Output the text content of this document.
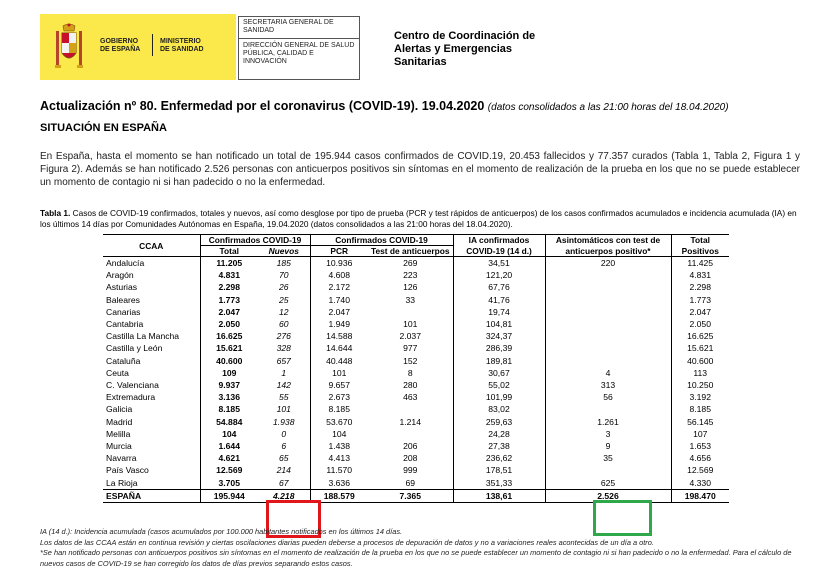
GOBIERNO
DE ESPAÑA
MINISTERIO
DE SANIDAD
SECRETARIA GENERAL DE SANIDAD
DIRECCIÓN GENERAL DE SALUD PÚBLICA, CALIDAD E INNOVACIÓN
Centro de Coordinación de
Alertas y Emergencias
Sanitarias
Actualización nº 80. Enfermedad por el coronavirus (COVID-19). 19.04.2020 (datos consolidados a las 21:00 horas del 18.04.2020)
SITUACIÓN EN ESPAÑA
En España, hasta el momento se han notificado un total de 195.944 casos confirmados de COVID.19, 20.453 fallecidos y 77.357 curados (Tabla 1, Tabla 2, Figura 1 y Figura 2). Además se han notificado 2.526 personas con anticuerpos positivos sin síntomas en el momento de realización de la prueba en los que no se puede establecer un momento de contagio ni si han padecido o no la enfermedad.
Tabla 1. Casos de COVID-19 confirmados, totales y nuevos, así como desglose por tipo de prueba (PCR y test rápidos de anticuerpos) de los casos confirmados acumulados e incidencia acumulada (IA) en los últimos 14 días por Comunidades Autónomas en España, 19.04.2020 (datos consolidados a las 21:00 horas del 18.04.2020).
CCAA	Confirmados COVID-19		Confirmados COVID-19		IA confirmados	Asintomáticos con test de	Total
	Total	Nuevos	PCR	Test de anticuerpos	COVID-19 (14 d.)	anticuerpos positivo*	Positivos
Andalucía	11.205	185	10.936	269	34,51	220	11.425
Aragón	4.831	70	4.608	223	121,20		4.831
Asturias	2.298	26	2.172	126	67,76		2.298
Baleares	1.773	25	1.740	33	41,76		1.773
Canarias	2.047	12	2.047		19,74		2.047
Cantabria	2.050	60	1.949	101	104,81		2.050
Castilla La Mancha	16.625	276	14.588	2.037	324,37		16.625
Castilla y León	15.621	328	14.644	977	286,39		15.621
Cataluña	40.600	657	40.448	152	189,81		40.600
Ceuta	109	1	101	8	30,67	4	113
C. Valenciana	9.937	142	9.657	280	55,02	313	10.250
Extremadura	3.136	55	2.673	463	101,99	56	3.192
Galicia	8.185	101	8.185		83,02		8.185
Madrid	54.884	1.938	53.670	1.214	259,63	1.261	56.145
Melilla	104	0	104		24,28	3	107
Murcia	1.644	6	1.438	206	27,38	9	1.653
Navarra	4.621	65	4.413	208	236,62	35	4.656
País Vasco	12.569	214	11.570	999	178,51		12.569
La Rioja	3.705	67	3.636	69	351,33	625	4.330
ESPAÑA	195.944	4.218	188.579	7.365	138,61	2.526	198.470
IA (14 d.): Incidencia acumulada (casos acumulados por 100.000 habitantes notificados en los últimos 14 días.
Los datos de las CCAA están en continua revisión y ciertas oscilaciones diarias pueden deberse a procesos de depuración de datos y no a variaciones reales acontecidas de un día a otro.
*Se han notificado personas con anticuerpos positivos sin síntomas en el momento de realización de la prueba en los que no se puede establecer un momento de contagio ni si han padecido o no la enfermedad. Para el cálculo de nuevos casos de COVID-19 se han corregido los datos de días previos separando estos casos.
